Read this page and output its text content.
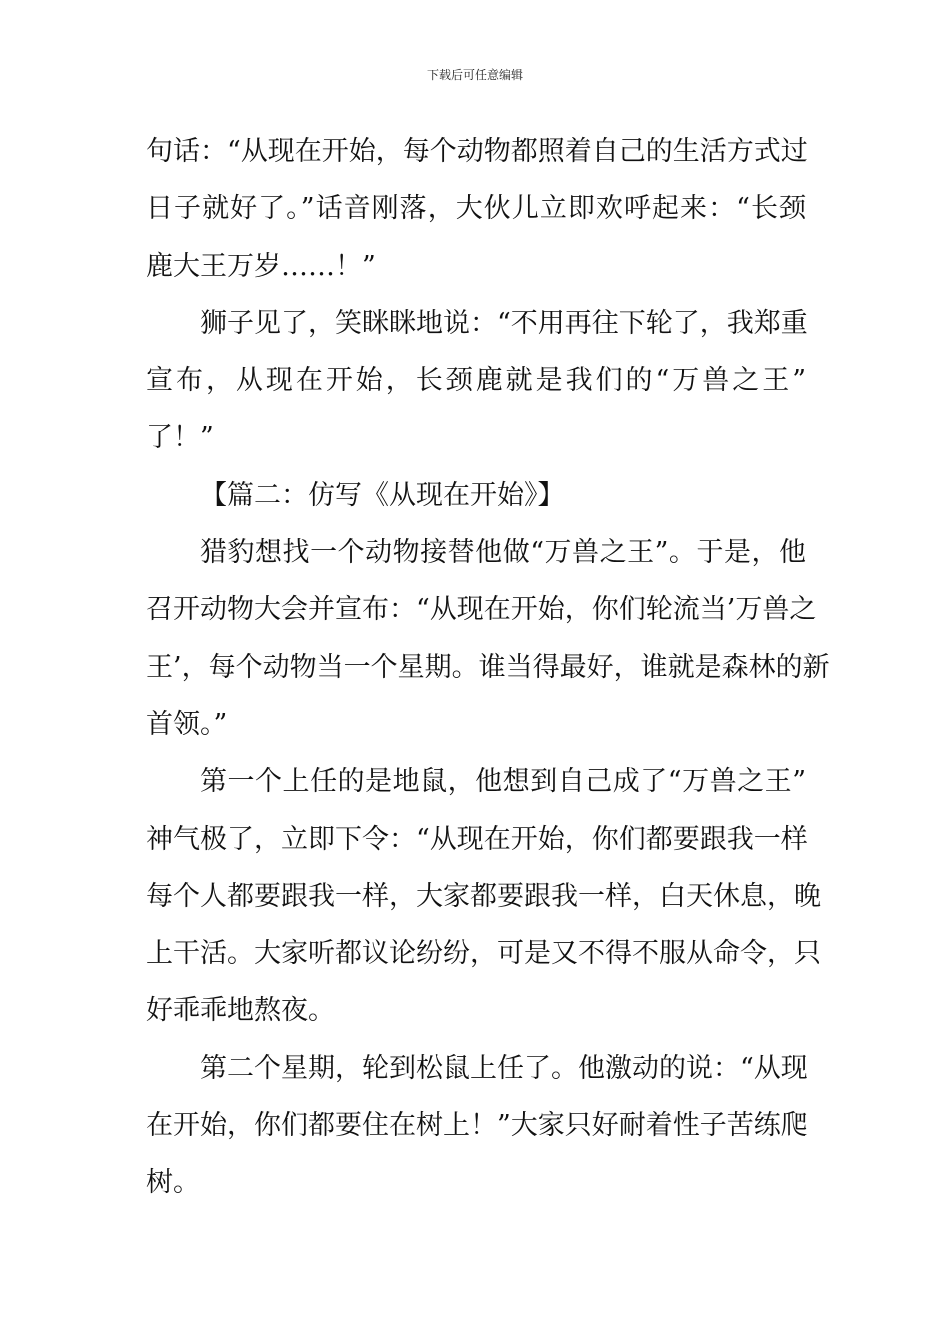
下载后可任意编辑
句话：“从现在开始，每个动物都照着自己的生活方式过
日子就好了。”话音刚落，大伙儿立即欢呼起来：“长颈
鹿大王万岁……！”
狮子见了，笑眯眯地说：“不用再往下轮了，我郑重
宣布，从现在开始，长颈鹿就是我们的“万兽之王”
了！”
【篇二：仿写《从现在开始》】
猎豹想找一个动物接替他做“万兽之王”。于是，他
召开动物大会并宣布：“从现在开始，你们轮流当’万兽之
王’，每个动物当一个星期。谁当得最好，谁就是森林的新
首领。”
第一个上任的是地鼠，他想到自己成了“万兽之王”
神气极了，立即下令：“从现在开始，你们都要跟我一样
每个人都要跟我一样，大家都要跟我一样，白天休息，晚
上干活。大家听都议论纷纷，可是又不得不服从命令，只
好乖乖地熬夜。
第二个星期，轮到松鼠上任了。他激动的说：“从现
在开始，你们都要住在树上！”大家只好耐着性子苦练爬
树。
